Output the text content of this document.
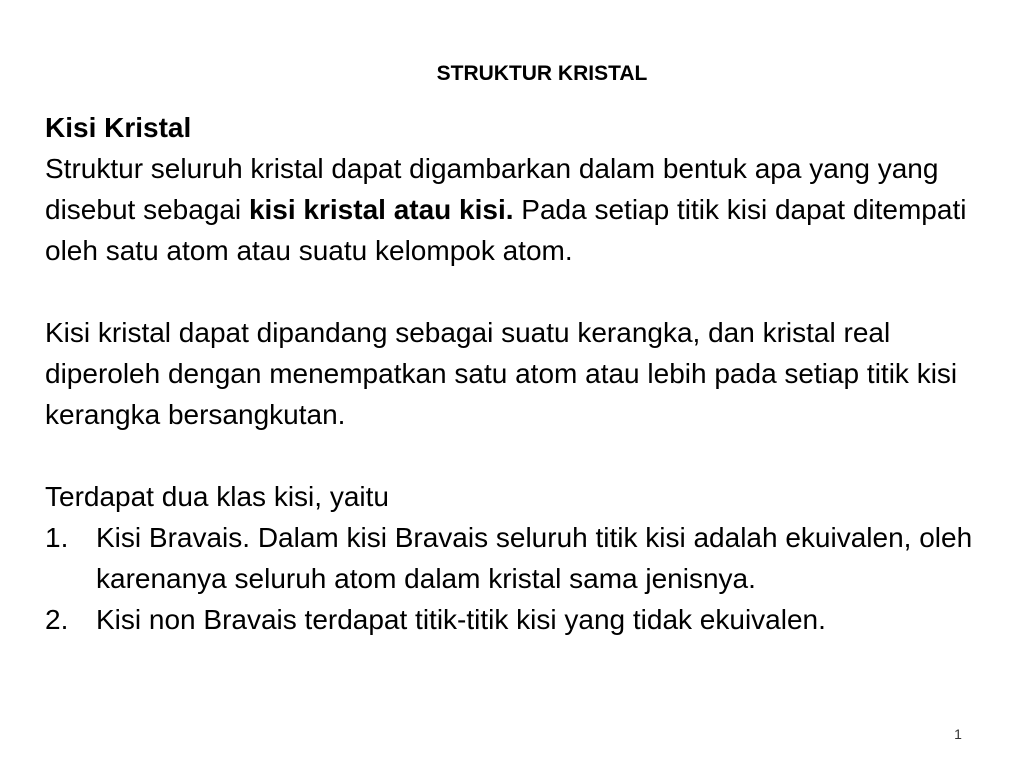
STRUKTUR KRISTAL

Kisi Kristal

Struktur seluruh kristal dapat digambarkan dalam bentuk apa yang yang disebut sebagai kisi kristal atau kisi. Pada setiap titik kisi dapat ditempati oleh satu atom atau suatu kelompok atom.

Kisi kristal dapat dipandang sebagai suatu kerangka, dan kristal real diperoleh dengan menempatkan satu atom atau lebih pada setiap titik kisi kerangka bersangkutan.

Terdapat dua klas kisi, yaitu

1. Kisi Bravais. Dalam kisi Bravais seluruh titik kisi adalah ekuivalen, oleh karenanya seluruh atom dalam kristal sama jenisnya.
2. Kisi non Bravais terdapat titik-titik kisi yang tidak ekuivalen.
1
